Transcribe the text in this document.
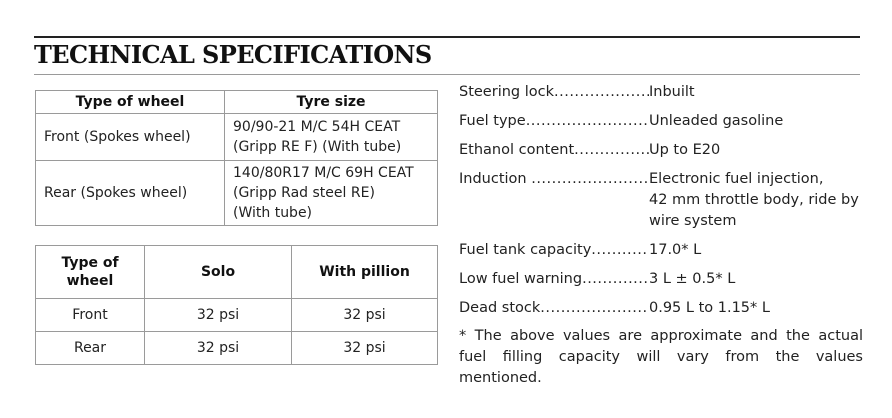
TECHNICAL SPECIFICATIONS
Type of wheel	Tyre size
Front (Spokes wheel)	90/90-21 M/C 54H CEAT
(Gripp RE F) (With tube)

Rear (Spokes wheel)	140/80R17 M/C 69H CEAT
(Gripp Rad steel RE)
(With tube)
Type of
wheel	Solo	With pillion
Front	32 psi	32 psi
Rear	32 psi	32 psi
Steering lock .....	Inbuilt
Fuel type .....	Unleaded gasoline
Ethanol content .....	Up to E20
Induction .....	Electronic fuel injection,
42 mm throttle body, ride by
wire system
Fuel tank capacity .....	17.0* L
Low fuel warning .....	3 L ± 0.5* L
Dead stock .....	0.95 L to 1.15* L
* The above values are approximate and the actual fuel filling capacity will vary from the values mentioned.
